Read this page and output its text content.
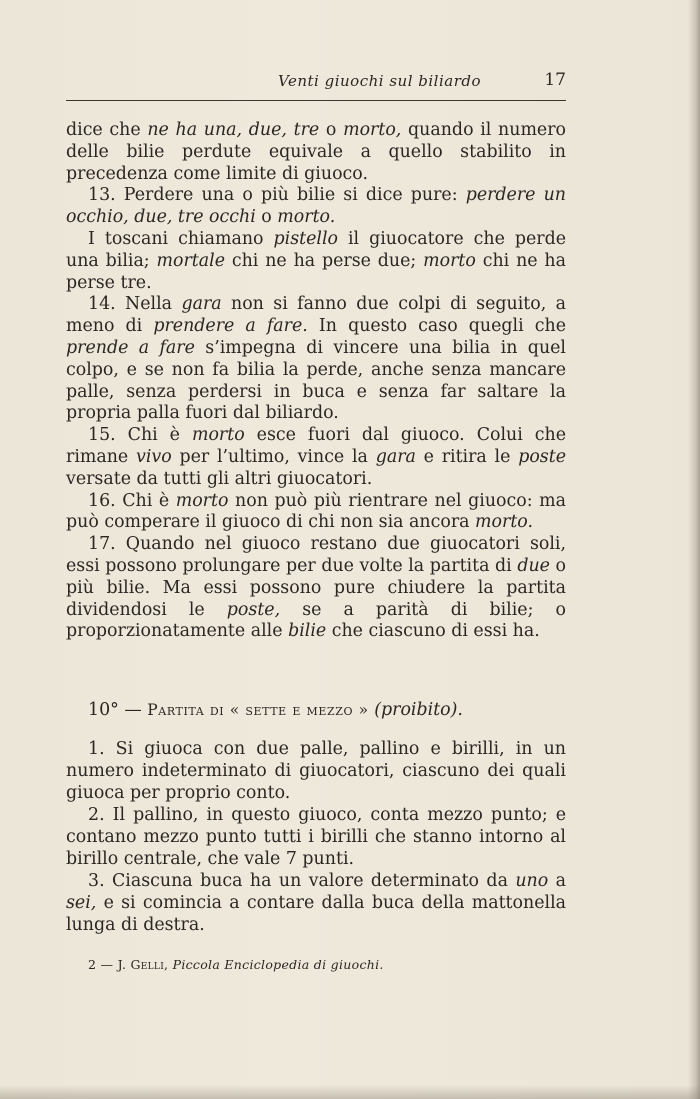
Venti giuochi sul biliardo	17

dice che ne ha una, due, tre o morto, quando il numero delle bilie perdute equivale a quello stabilito in precedenza come limite di giuoco.

13. Perdere una o più bilie si dice pure: perdere un occhio, due, tre occhi o morto.

I toscani chiamano pistello il giuocatore che perde una bilia; mortale chi ne ha perse due; morto chi ne ha perse tre.

14. Nella gara non si fanno due colpi di seguito, a meno di prendere a fare. In questo caso quegli che prende a fare s’impegna di vincere una bilia in quel colpo, e se non fa bilia la perde, anche senza mancare palle, senza perdersi in buca e senza far saltare la propria palla fuori dal biliardo.

15. Chi è morto esce fuori dal giuoco. Colui che rimane vivo per l’ultimo, vince la gara e ritira le poste versate da tutti gli altri giuocatori.

16. Chi è morto non può più rientrare nel giuoco: ma può comperare il giuoco di chi non sia ancora morto.

17. Quando nel giuoco restano due giuocatori soli, essi possono prolungare per due volte la partita di due o più bilie. Ma essi possono pure chiudere la partita dividendosi le poste, se a parità di bilie; o proporzionatamente alle bilie che ciascuno di essi ha.

10° — Partita di « sette e mezzo » (proibito).

1. Si giuoca con due palle, pallino e birilli, in un numero indeterminato di giuocatori, ciascuno dei quali giuoca per proprio conto.

2. Il pallino, in questo giuoco, conta mezzo punto; e contano mezzo punto tutti i birilli che stanno intorno al birillo centrale, che vale 7 punti.

3. Ciascuna buca ha un valore determinato da uno a sei, e si comincia a contare dalla buca della mattonella lunga di destra.

2 — J. Gelli, Piccola Enciclopedia di giuochi.
